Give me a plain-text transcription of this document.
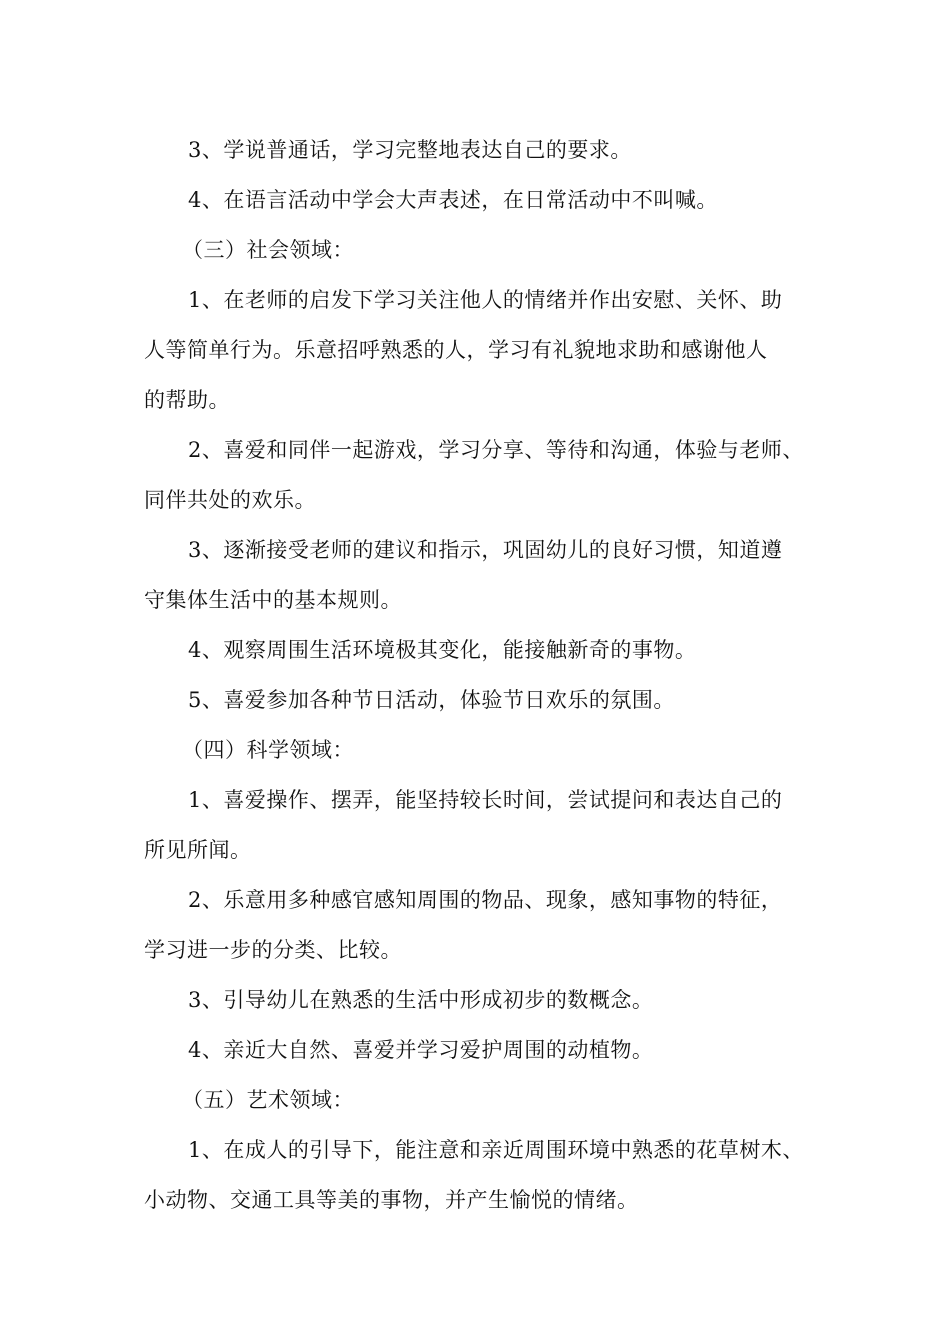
3、学说普通话，学习完整地表达自己的要求。
4、在语言活动中学会大声表述，在日常活动中不叫喊。
（三）社会领域：
1、在老师的启发下学习关注他人的情绪并作出安慰、关怀、助
人等简单行为。乐意招呼熟悉的人，学习有礼貌地求助和感谢他人
的帮助。
2、喜爱和同伴一起游戏，学习分享、等待和沟通，体验与老师、
同伴共处的欢乐。
3、逐渐接受老师的建议和指示，巩固幼儿的良好习惯，知道遵
守集体生活中的基本规则。
4、观察周围生活环境极其变化，能接触新奇的事物。
5、喜爱参加各种节日活动，体验节日欢乐的氛围。
（四）科学领域：
1、喜爱操作、摆弄，能坚持较长时间，尝试提问和表达自己的
所见所闻。
2、乐意用多种感官感知周围的物品、现象，感知事物的特征，
学习进一步的分类、比较。
3、引导幼儿在熟悉的生活中形成初步的数概念。
4、亲近大自然、喜爱并学习爱护周围的动植物。
（五）艺术领域：
1、在成人的引导下，能注意和亲近周围环境中熟悉的花草树木、
小动物、交通工具等美的事物，并产生愉悦的情绪。
